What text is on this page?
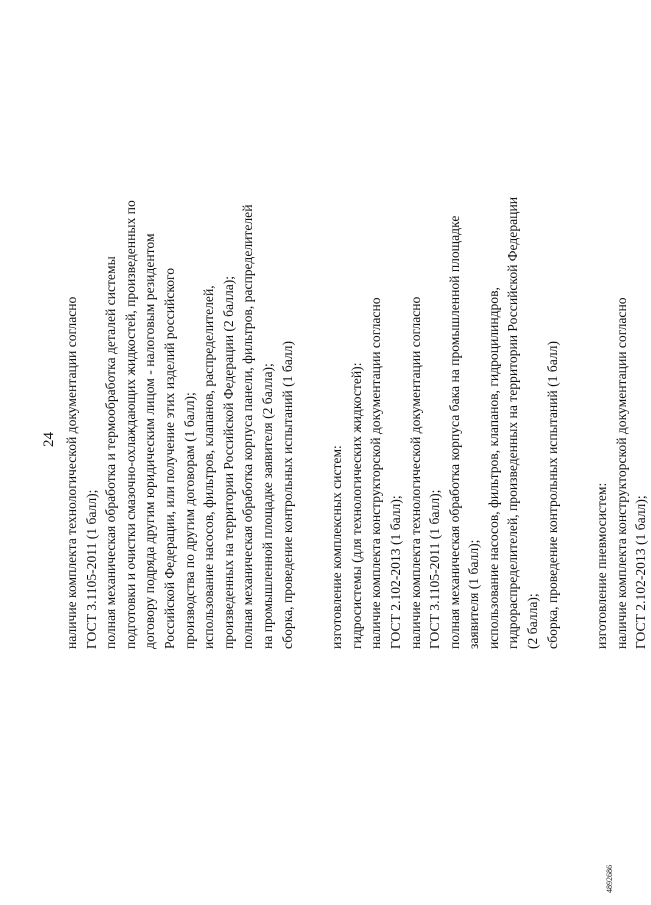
24 наличие комплекта технологической документации согласно ГОСТ 3.1105-2011 (1 балл); полная механическая обработка и термообработка деталей системы подготовки и очистки смазочно-охлаждающих жидкостей, произведенных по договору подряда другим юридическим лицом - налоговым резидентом Российской Федерации, или получение этих изделий российского производства по другим договорам (1 балл); использование насосов, фильтров, клапанов, распределителей, произведенных на территории Российской Федерации (2 балла); полная механическая обработка корпуса панели, фильтров, распределителей на промышленной площадке заявителя (2 балла); сборка, проведение контрольных испытаний (1 балл)	изготовление комплексных систем: гидросистемы (для технологических жидкостей): наличие комплекта конструкторской документации согласно ГОСТ 2.102-2013 (1 балл); наличие комплекта технологической документации согласно ГОСТ 3.1105-2011 (1 балл); полная механическая обработка корпуса бака на промышленной площадке заявителя (1 балл); использование насосов, фильтров, клапанов, гидроцилиндров, гидрораспределителей, произведенных на территории Российской Федерации (2 балла); сборка, проведение контрольных испытаний (1 балл)	изготовление пневмосистем: наличие комплекта конструкторской документации согласно ГОСТ 2.102-2013 (1 балл);
4892686
